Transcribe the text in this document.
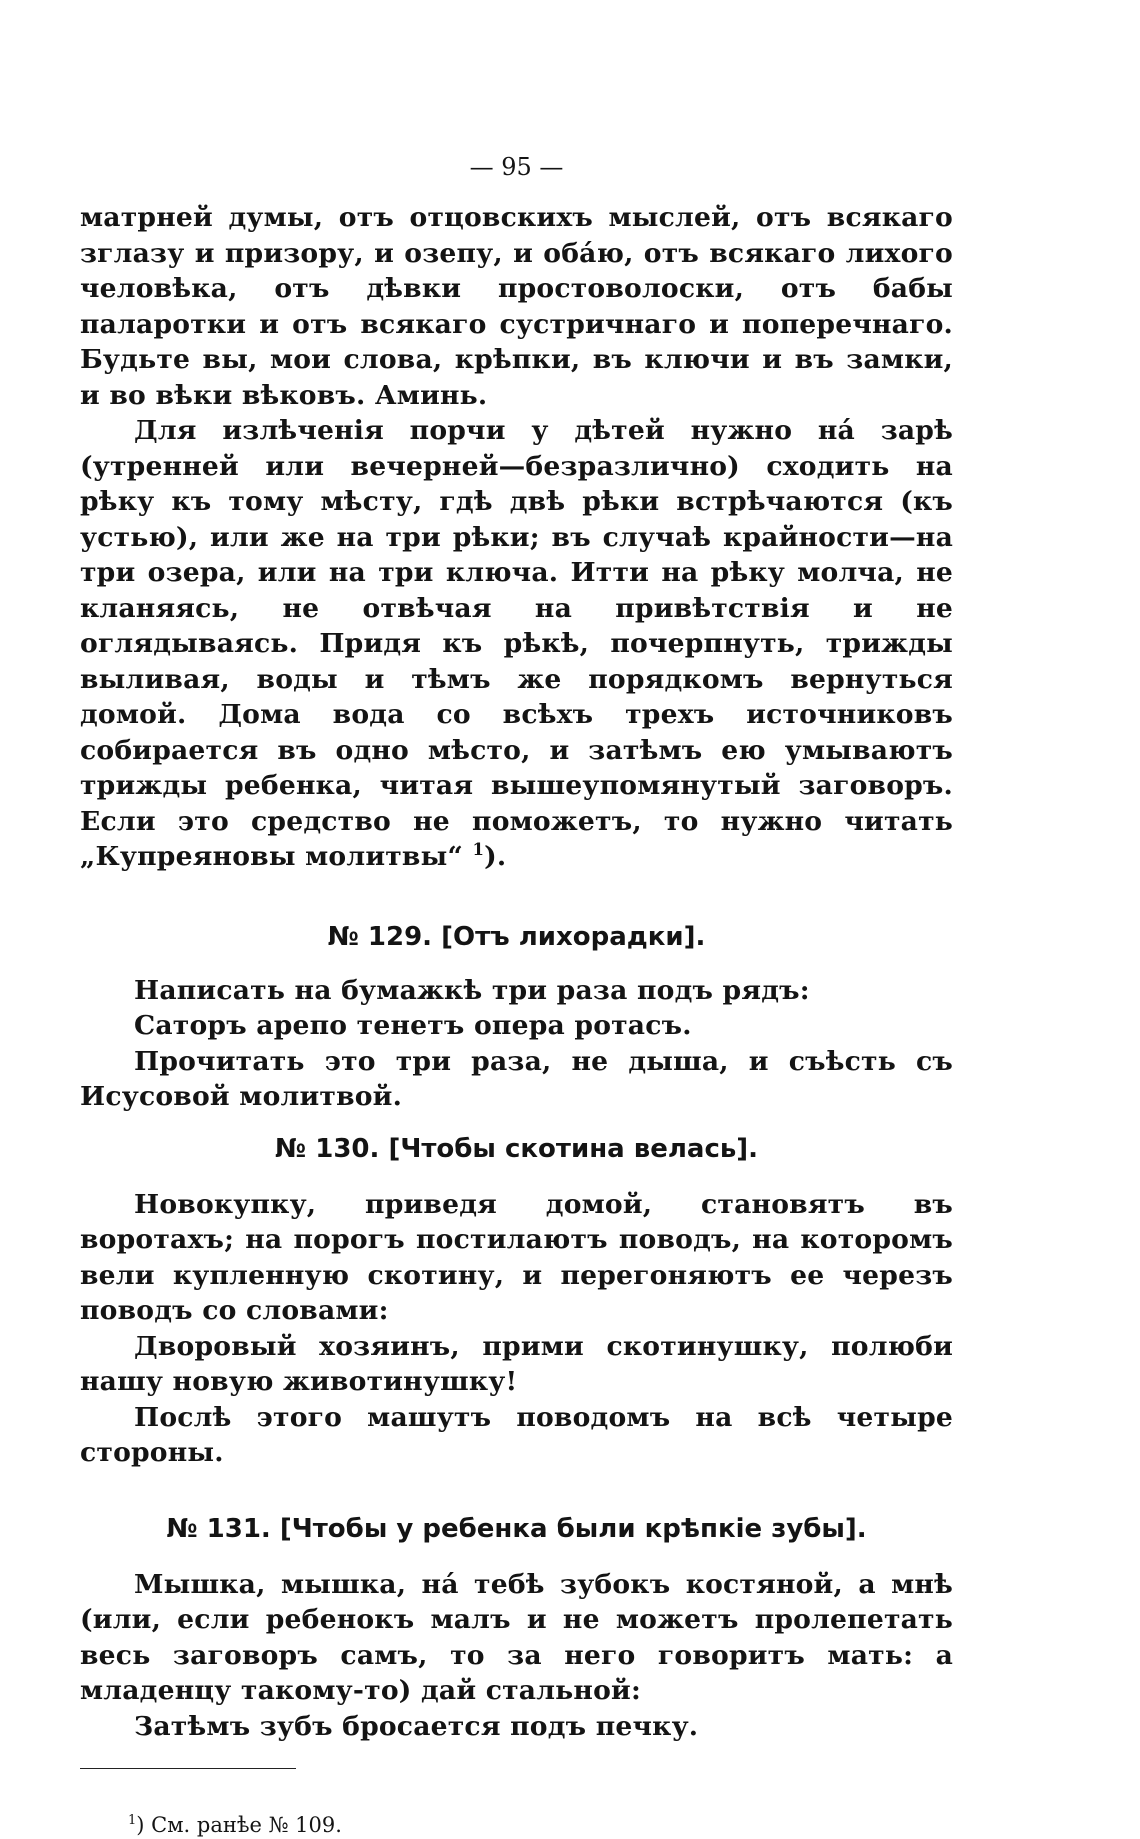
— 95 —

матрней думы, отъ отцовскихъ мыслей, отъ всякаго зглазу и призору, и озепу, и обáю, отъ всякаго лихого человѣка, отъ дѣвки простоволоски, отъ бабы паларотки и отъ всякаго сустричнаго и поперечнаго. Будьте вы, мои слова, крѣпки, въ ключи и въ замки, и во вѣки вѣковъ. Аминь.

Для излѣченія порчи у дѣтей нужно нá зарѣ (утренней или вечерней—безразлично) сходить на рѣку къ тому мѣсту, гдѣ двѣ рѣки встрѣчаются (къ устью), или же на три рѣки; въ случаѣ крайности—на три озера, или на три ключа. Итти на рѣку молча, не кланяясь, не отвѣчая на привѣтствія и не оглядываясь. Придя къ рѣкѣ, почерпнуть, трижды выливая, воды и тѣмъ же порядкомъ вернуться домой. Дома вода со всѣхъ трехъ источниковъ собирается въ одно мѣсто, и затѣмъ ею умываютъ трижды ребенка, читая вышеупомянутый заговоръ. Если это средство не поможетъ, то нужно читать „Купреяновы молитвы“ $^1$).

№ 129. [Отъ лихорадки].

Написать на бумажкѣ три раза подъ рядъ:

Саторъ арепо тенетъ опера ротасъ.

Прочитать это три раза, не дыша, и съѣсть съ Исусовой молитвой.

№ 130. [Чтобы скотина велась].

Новокупку, приведя домой, становятъ въ воротахъ; на порогъ постилаютъ поводъ, на которомъ вели купленную скотину, и перегоняютъ ее черезъ поводъ со словами:

Дворовый хозяинъ, прими скотинушку, полюби нашу новую животинушку!

Послѣ этого машутъ поводомъ на всѣ четыре стороны.

№ 131. [Чтобы у ребенка были крѣпкіе зубы].

Мышка, мышка, нá тебѣ зубокъ костяной, а мнѣ (или, если ребенокъ малъ и не можетъ пролепетать весь заговоръ самъ, то за него говоритъ мать: а младенцу такому-то) дай стальной:

Затѣмъ зубъ бросается подъ печку.

$^1$) См. ранѣе № 109.
